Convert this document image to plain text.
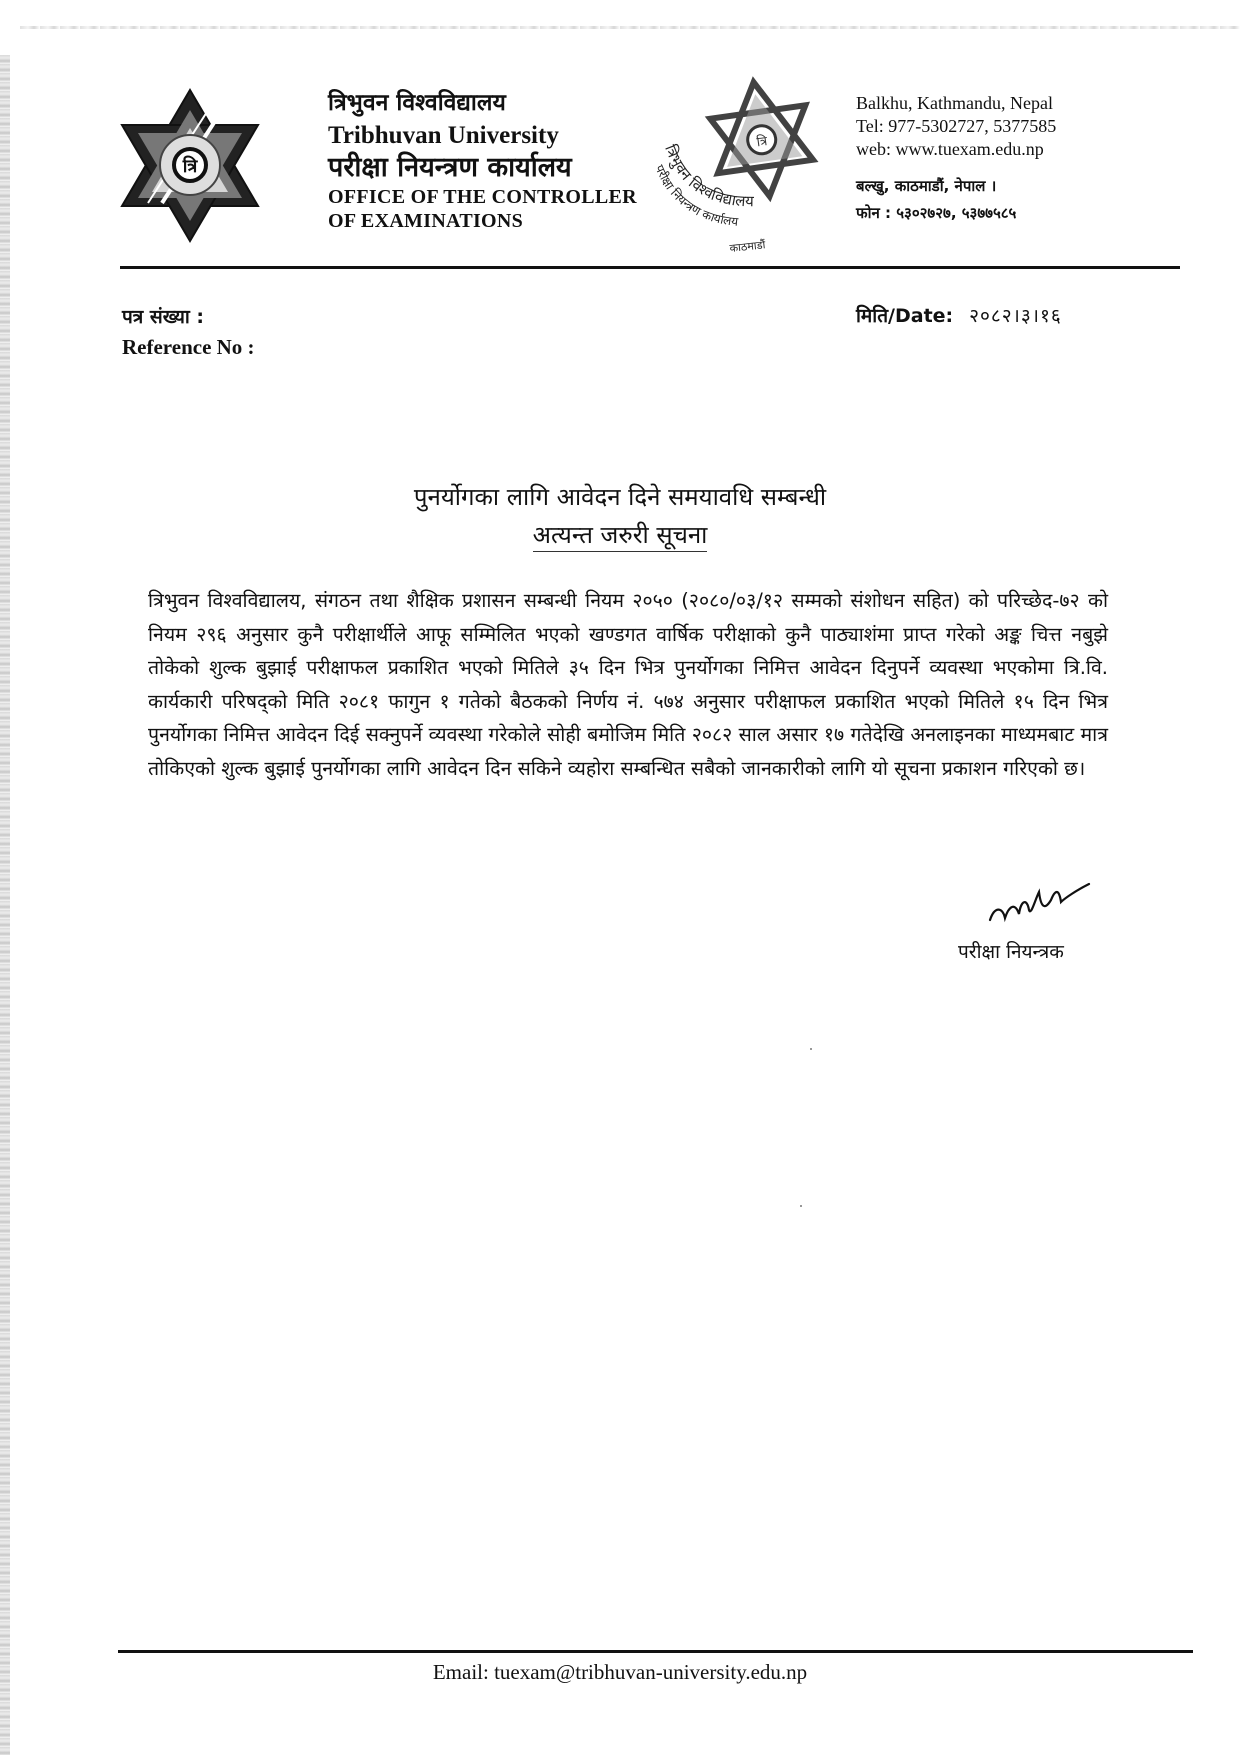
त्रि
त्रिभुवन विश्वविद्यालय
Tribhuvan University
परीक्षा नियन्त्रण कार्यालय
OFFICE OF THE CONTROLLER
OF EXAMINATIONS
त्रि
त्रिभुवन विश्वविद्यालय
परीक्षा नियन्त्रण कार्यालय
काठमाडौं
Balkhu, Kathmandu, Nepal
Tel: 977-5302727, 5377585
web: www.tuexam.edu.np
बल्खु, काठमाडौं, नेपाल ।
फोन : ५३०२७२७, ५३७७५८५
पत्र संख्या :
Reference No :
मिति/Date: २०८२।३।१६
पुनर्योगका लागि आवेदन दिने समयावधि सम्बन्धी
अत्यन्त जरुरी सूचना
त्रिभुवन विश्वविद्यालय, संगठन तथा शैक्षिक प्रशासन सम्बन्धी नियम २०५० (२०८०/०३/१२ सम्मको संशोधन सहित) को परिच्छेद-७२ को नियम २९६ अनुसार कुनै परीक्षार्थीले आफू सम्मिलित भएको खण्डगत वार्षिक परीक्षाको कुनै पाठ्याशंमा प्राप्त गरेको अङ्क चित्त नबुझे तोकेको शुल्क बुझाई परीक्षाफल प्रकाशित भएको मितिले ३५ दिन भित्र पुनर्योगका निमित्त आवेदन दिनुपर्ने व्यवस्था भएकोमा त्रि.वि. कार्यकारी परिषद्को मिति २०८१ फागुन १ गतेको बैठकको निर्णय नं. ५७४ अनुसार परीक्षाफल प्रकाशित भएको मितिले १५ दिन भित्र पुनर्योगका निमित्त आवेदन दिई सक्नुपर्ने व्यवस्था गरेकोले सोही बमोजिम मिति २०८२ साल असार १७ गतेदेखि अनलाइनका माध्यमबाट मात्र तोकिएको शुल्क बुझाई पुनर्योगका लागि आवेदन दिन सकिने व्यहोरा सम्बन्धित सबैको जानकारीको लागि यो सूचना प्रकाशन गरिएको छ।
परीक्षा नियन्त्रक
Email: tuexam@tribhuvan-university.edu.np
